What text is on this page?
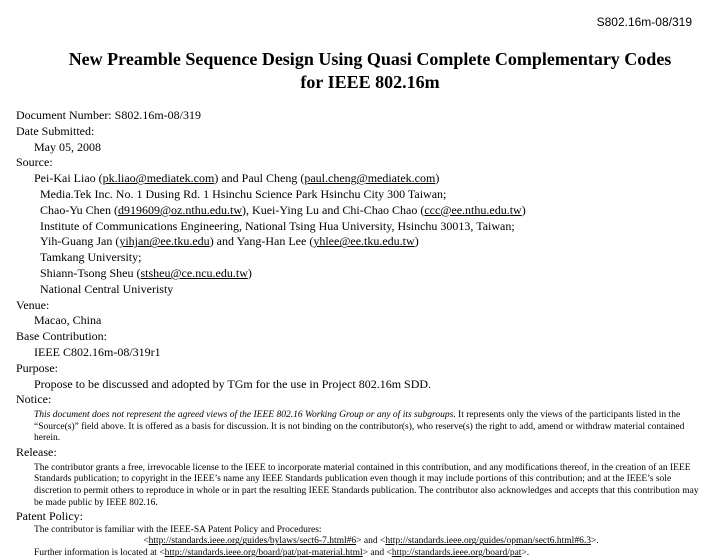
S802.16m-08/319
New Preamble Sequence Design Using Quasi Complete Complementary Codes
for IEEE 802.16m
Document Number: S802.16m-08/319
Date Submitted:
May 05, 2008
Source:
Pei-Kai Liao (pk.liao@mediatek.com) and Paul Cheng (paul.cheng@mediatek.com)
Media.Tek Inc. No. 1 Dusing Rd. 1 Hsinchu Science Park Hsinchu City 300 Taiwan;
Chao-Yu Chen (d919609@oz.nthu.edu.tw), Kuei-Ying Lu and Chi-Chao Chao (ccc@ee.nthu.edu.tw)
Institute of Communications Engineering, National Tsing Hua University, Hsinchu 30013, Taiwan;
Yih-Guang Jan (yihjan@ee.tku.edu) and Yang-Han Lee (yhlee@ee.tku.edu.tw)
Tamkang University;
Shiann-Tsong Sheu (stsheu@ce.ncu.edu.tw)
National Central Univeristy
Venue:
Macao, China
Base Contribution:
IEEE C802.16m-08/319r1
Purpose:
Propose to be discussed and adopted by TGm for the use in Project 802.16m SDD.
Notice:
This document does not represent the agreed views of the IEEE 802.16 Working Group or any of its subgroups. It represents only the views of the participants listed in the “Source(s)” field above. It is offered as a basis for discussion. It is not binding on the contributor(s), who reserve(s) the right to add, amend or withdraw material contained herein.
Release:
The contributor grants a free, irrevocable license to the IEEE to incorporate material contained in this contribution, and any modifications thereof, in the creation of an IEEE Standards publication; to copyright in the IEEE’s name any IEEE Standards publication even though it may include portions of this contribution; and at the IEEE’s sole discretion to permit others to reproduce in whole or in part the resulting IEEE Standards publication. The contributor also acknowledges and accepts that this contribution may be made public by IEEE 802.16.
Patent Policy:
The contributor is familiar with the IEEE-SA Patent Policy and Procedures:
<http://standards.ieee.org/guides/bylaws/sect6-7.html#6> and <http://standards.ieee.org/guides/opman/sect6.html#6.3>.
Further information is located at <http://standards.ieee.org/board/pat/pat-material.html> and <http://standards.ieee.org/board/pat>.
